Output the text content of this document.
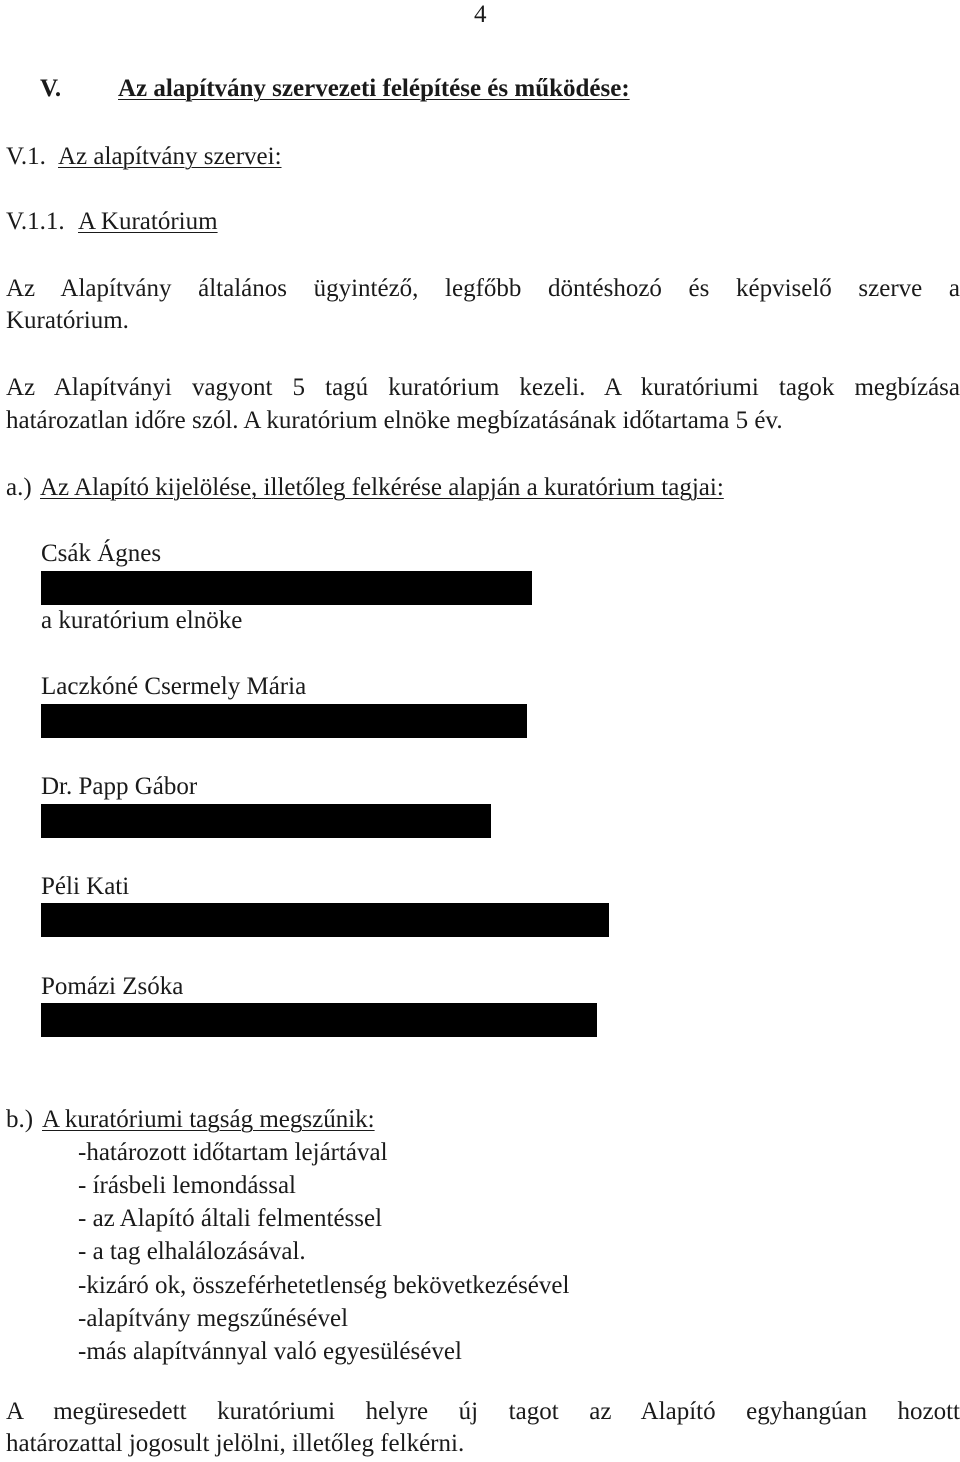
4
V. Az alapítvány szervezeti felépítése és működése:
V.1. Az alapítvány szervei:
V.1.1. A Kuratórium
Az Alapítvány általános ügyintéző, legfőbb döntéshozó és képviselő szerve a
Kuratórium.
Az Alapítványi vagyont 5 tagú kuratórium kezeli. A kuratóriumi tagok megbízása
határozatlan időre szól. A kuratórium elnöke megbízatásának időtartama 5 év.
a.) Az Alapító kijelölése, illetőleg felkérése alapján a kuratórium tagjai:
Csák Ágnes
a kuratórium elnöke
Laczkóné Csermely Mária
Dr. Papp Gábor
Péli Kati
Pomázi Zsóka
b.) A kuratóriumi tagság megszűnik:
-határozott időtartam lejártával
- írásbeli lemondással
- az Alapító általi felmentéssel
- a tag elhalálozásával.
-kizáró ok, összeférhetetlenség bekövetkezésével
-alapítvány megszűnésével
-más alapítvánnyal való egyesülésével
A megüresedett kuratóriumi helyre új tagot az Alapító egyhangúan hozott
határozattal jogosult jelölni, illetőleg felkérni.
